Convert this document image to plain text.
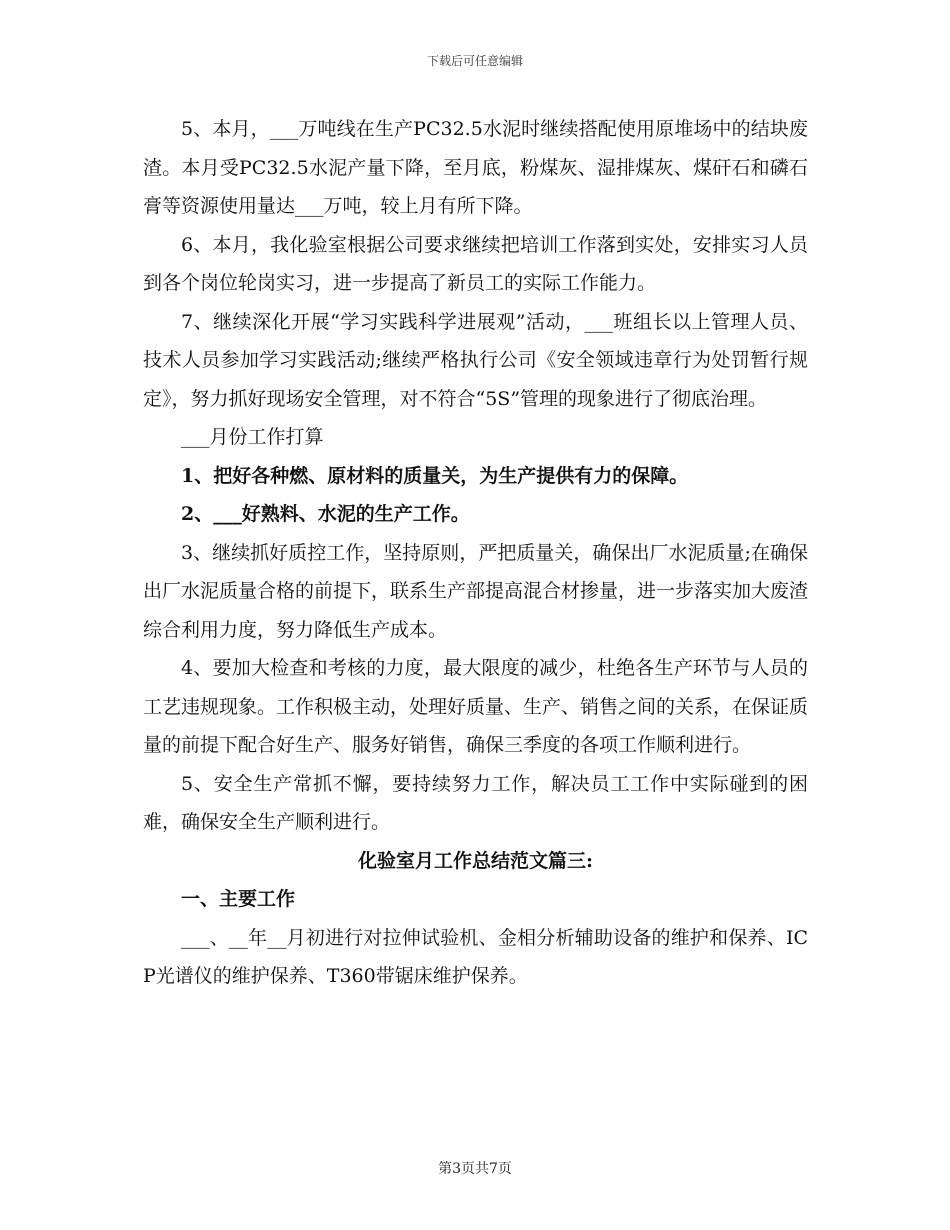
下载后可任意编辑

5、本月，___万吨线在生产PC32.5水泥时继续搭配使用原堆场中的结块废渣。本月受PC32.5水泥产量下降，至月底，粉煤灰、湿排煤灰、煤矸石和磷石膏等资源使用量达___万吨，较上月有所下降。

6、本月，我化验室根据公司要求继续把培训工作落到实处，安排实习人员到各个岗位轮岗实习，进一步提高了新员工的实际工作能力。

7、继续深化开展“学习实践科学进展观”活动，___班组长以上管理人员、技术人员参加学习实践活动;继续严格执行公司《安全领域违章行为处罚暂行规定》，努力抓好现场安全管理，对不符合“5S”管理的现象进行了彻底治理。

___月份工作打算

1、把好各种燃、原材料的质量关，为生产提供有力的保障。

2、___好熟料、水泥的生产工作。

3、继续抓好质控工作，坚持原则，严把质量关，确保出厂水泥质量;在确保出厂水泥质量合格的前提下，联系生产部提高混合材掺量，进一步落实加大废渣综合利用力度，努力降低生产成本。

4、要加大检查和考核的力度，最大限度的减少，杜绝各生产环节与人员的工艺违规现象。工作积极主动，处理好质量、生产、销售之间的关系，在保证质量的前提下配合好生产、服务好销售，确保三季度的各项工作顺利进行。

5、安全生产常抓不懈，要持续努力工作，解决员工工作中实际碰到的困难，确保安全生产顺利进行。

化验室月工作总结范文篇三:

一、主要工作

___、__年__月初进行对拉伸试验机、金相分析辅助设备的维护和保养、ICP光谱仪的维护保养、T360带锯床维护保养。

第3页共7页
